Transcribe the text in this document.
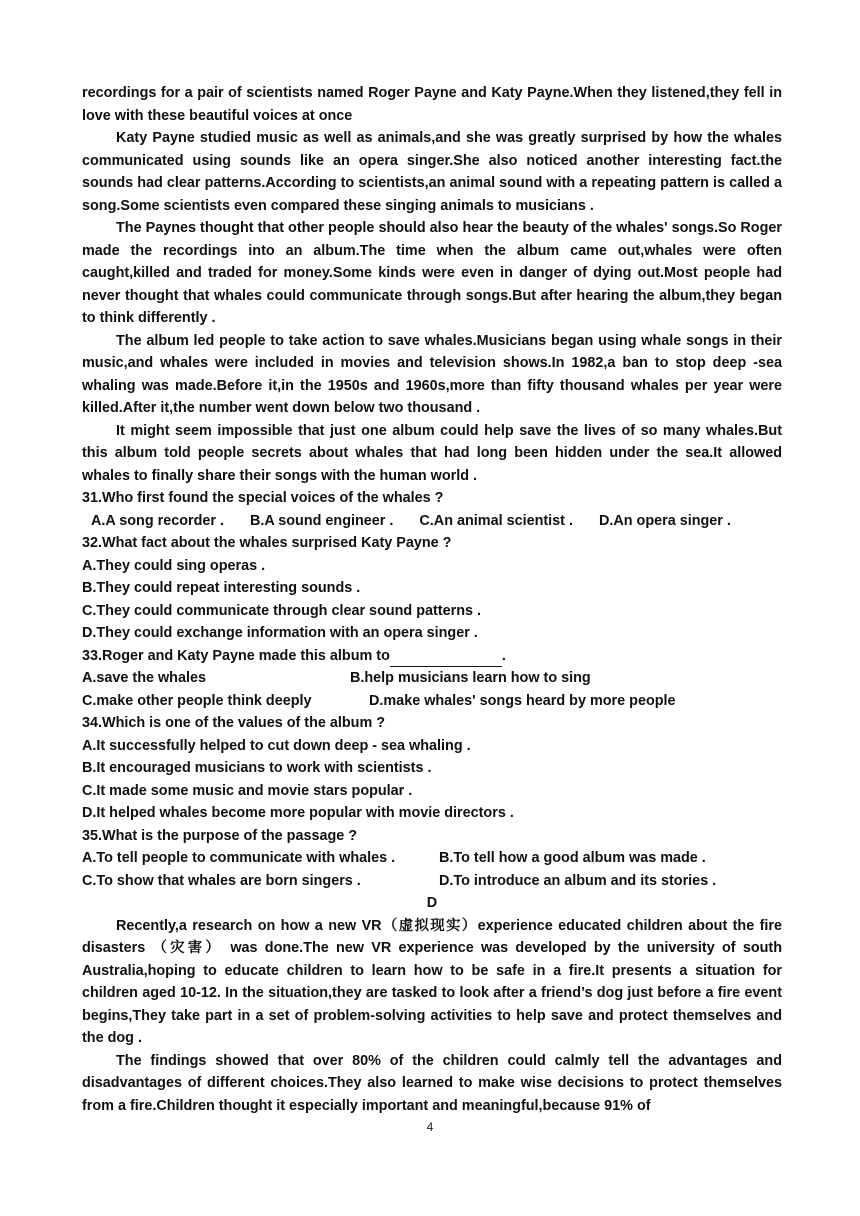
recordings for a pair of scientists named Roger Payne and Katy Payne.When they listened,they fell in love with these beautiful voices at once

Katy Payne studied music as well as animals,and she was greatly surprised by how the whales communicated using sounds like an opera singer.She also noticed another interesting fact.the sounds had clear patterns.According to scientists,an animal sound with a repeating pattern is called a song.Some scientists even compared these singing animals to musicians .

The Paynes thought that other people should also hear the beauty of the whales' songs.So Roger made the recordings into an album.The time when the album came out,whales were often caught,killed and traded for money.Some kinds were even in danger of dying out.Most people had never thought that whales could communicate through songs.But after hearing the album,they began to think differently .

The album led people to take action to save whales.Musicians began using whale songs in their music,and whales were included in movies and television shows.In 1982,a ban to stop deep -sea whaling was made.Before it,in the 1950s and 1960s,more than fifty thousand whales per year were killed.After it,the number went down below two thousand .

It might seem impossible that just one album could help save the lives of so many whales.But this album told people secrets about whales that had long been hidden under the sea.It allowed whales to finally share their songs with the human world .

31.Who first found the special voices of the whales ?

A.A song recorder . B.A sound engineer . C.An animal scientist . D.An opera singer .

32.What fact about the whales surprised Katy Payne ?

A.They could sing operas .

B.They could repeat interesting sounds .

C.They could communicate through clear sound patterns .

D.They could exchange information with an opera singer .

33.Roger and Katy Payne made this album to	.

A.save the whales	B.help musicians learn how to sing
C.make other people think deeply	D.make whales' songs heard by more people

34.Which is one of the values of the album ?

A.It successfully helped to cut down deep - sea whaling .

B.It encouraged musicians to work with scientists .

C.It made some music and movie stars popular .

D.It helped whales become more popular with movie directors .

35.What is the purpose of the passage ?

A.To tell people to communicate with whales .	B.To tell how a good album was made .
C.To show that whales are born singers .	D.To introduce an album and its stories .

D

Recently,a research on how a new VR（虚拟现实）experience educated children about the fire disasters （灾害） was done.The new VR experience was developed by the university of south Australia,hoping to educate children to learn how to be safe in a fire.It presents a situation for children aged 10-12. In the situation,they are tasked to look after a friend’s dog just before a fire event begins,They take part in a set of problem-solving activities to help save and protect themselves and the dog .

The findings showed that over 80% of the children could calmly tell the advantages and disadvantages of different choices.They also learned to make wise decisions to protect themselves from a fire.Children thought it especially important and meaningful,because 91% of

4
